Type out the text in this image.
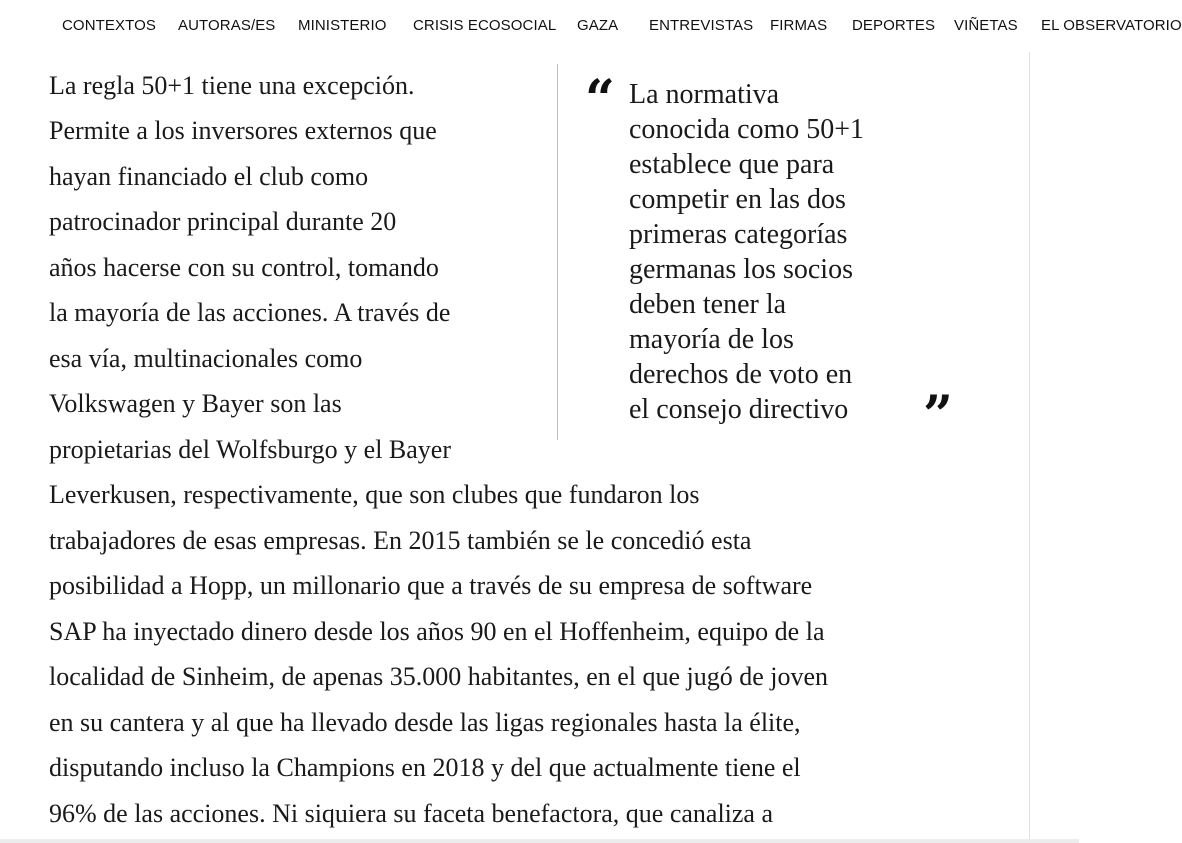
CONTEXTOS AUTORAS/ES MINISTERIO CRISIS ECOSOCIAL GAZA ENTREVISTAS FIRMAS DEPORTES VIÑETAS EL OBSERVATORIO

La regla 50+1 tiene una excepción.

Permite a los inversores externos que

hayan financiado el club como

patrocinador principal durante 20

años hacerse con su control, tomando

la mayoría de las acciones. A través de

esa vía, multinacionales como

Volkswagen y Bayer son las

propietarias del Wolfsburgo y el Bayer

Leverkusen, respectivamente, que son clubes que fundaron los

trabajadores de esas empresas. En 2015 también se le concedió esta

posibilidad a Hopp, un millonario que a través de su empresa de software

SAP ha inyectado dinero desde los años 90 en el Hoffenheim, equipo de la

localidad de Sinheim, de apenas 35.000 habitantes, en el que jugó de joven

en su cantera y al que ha llevado desde las ligas regionales hasta la élite,

disputando incluso la Champions en 2018 y del que actualmente tiene el

96% de las acciones. Ni siquiera su faceta benefactora, que canaliza a

“ La normativa
conocida como 50+1
establece que para
competir en las dos
primeras categorías
germanas los socios
deben tener la
mayoría de los
derechos de voto en
el consejo directivo ”
